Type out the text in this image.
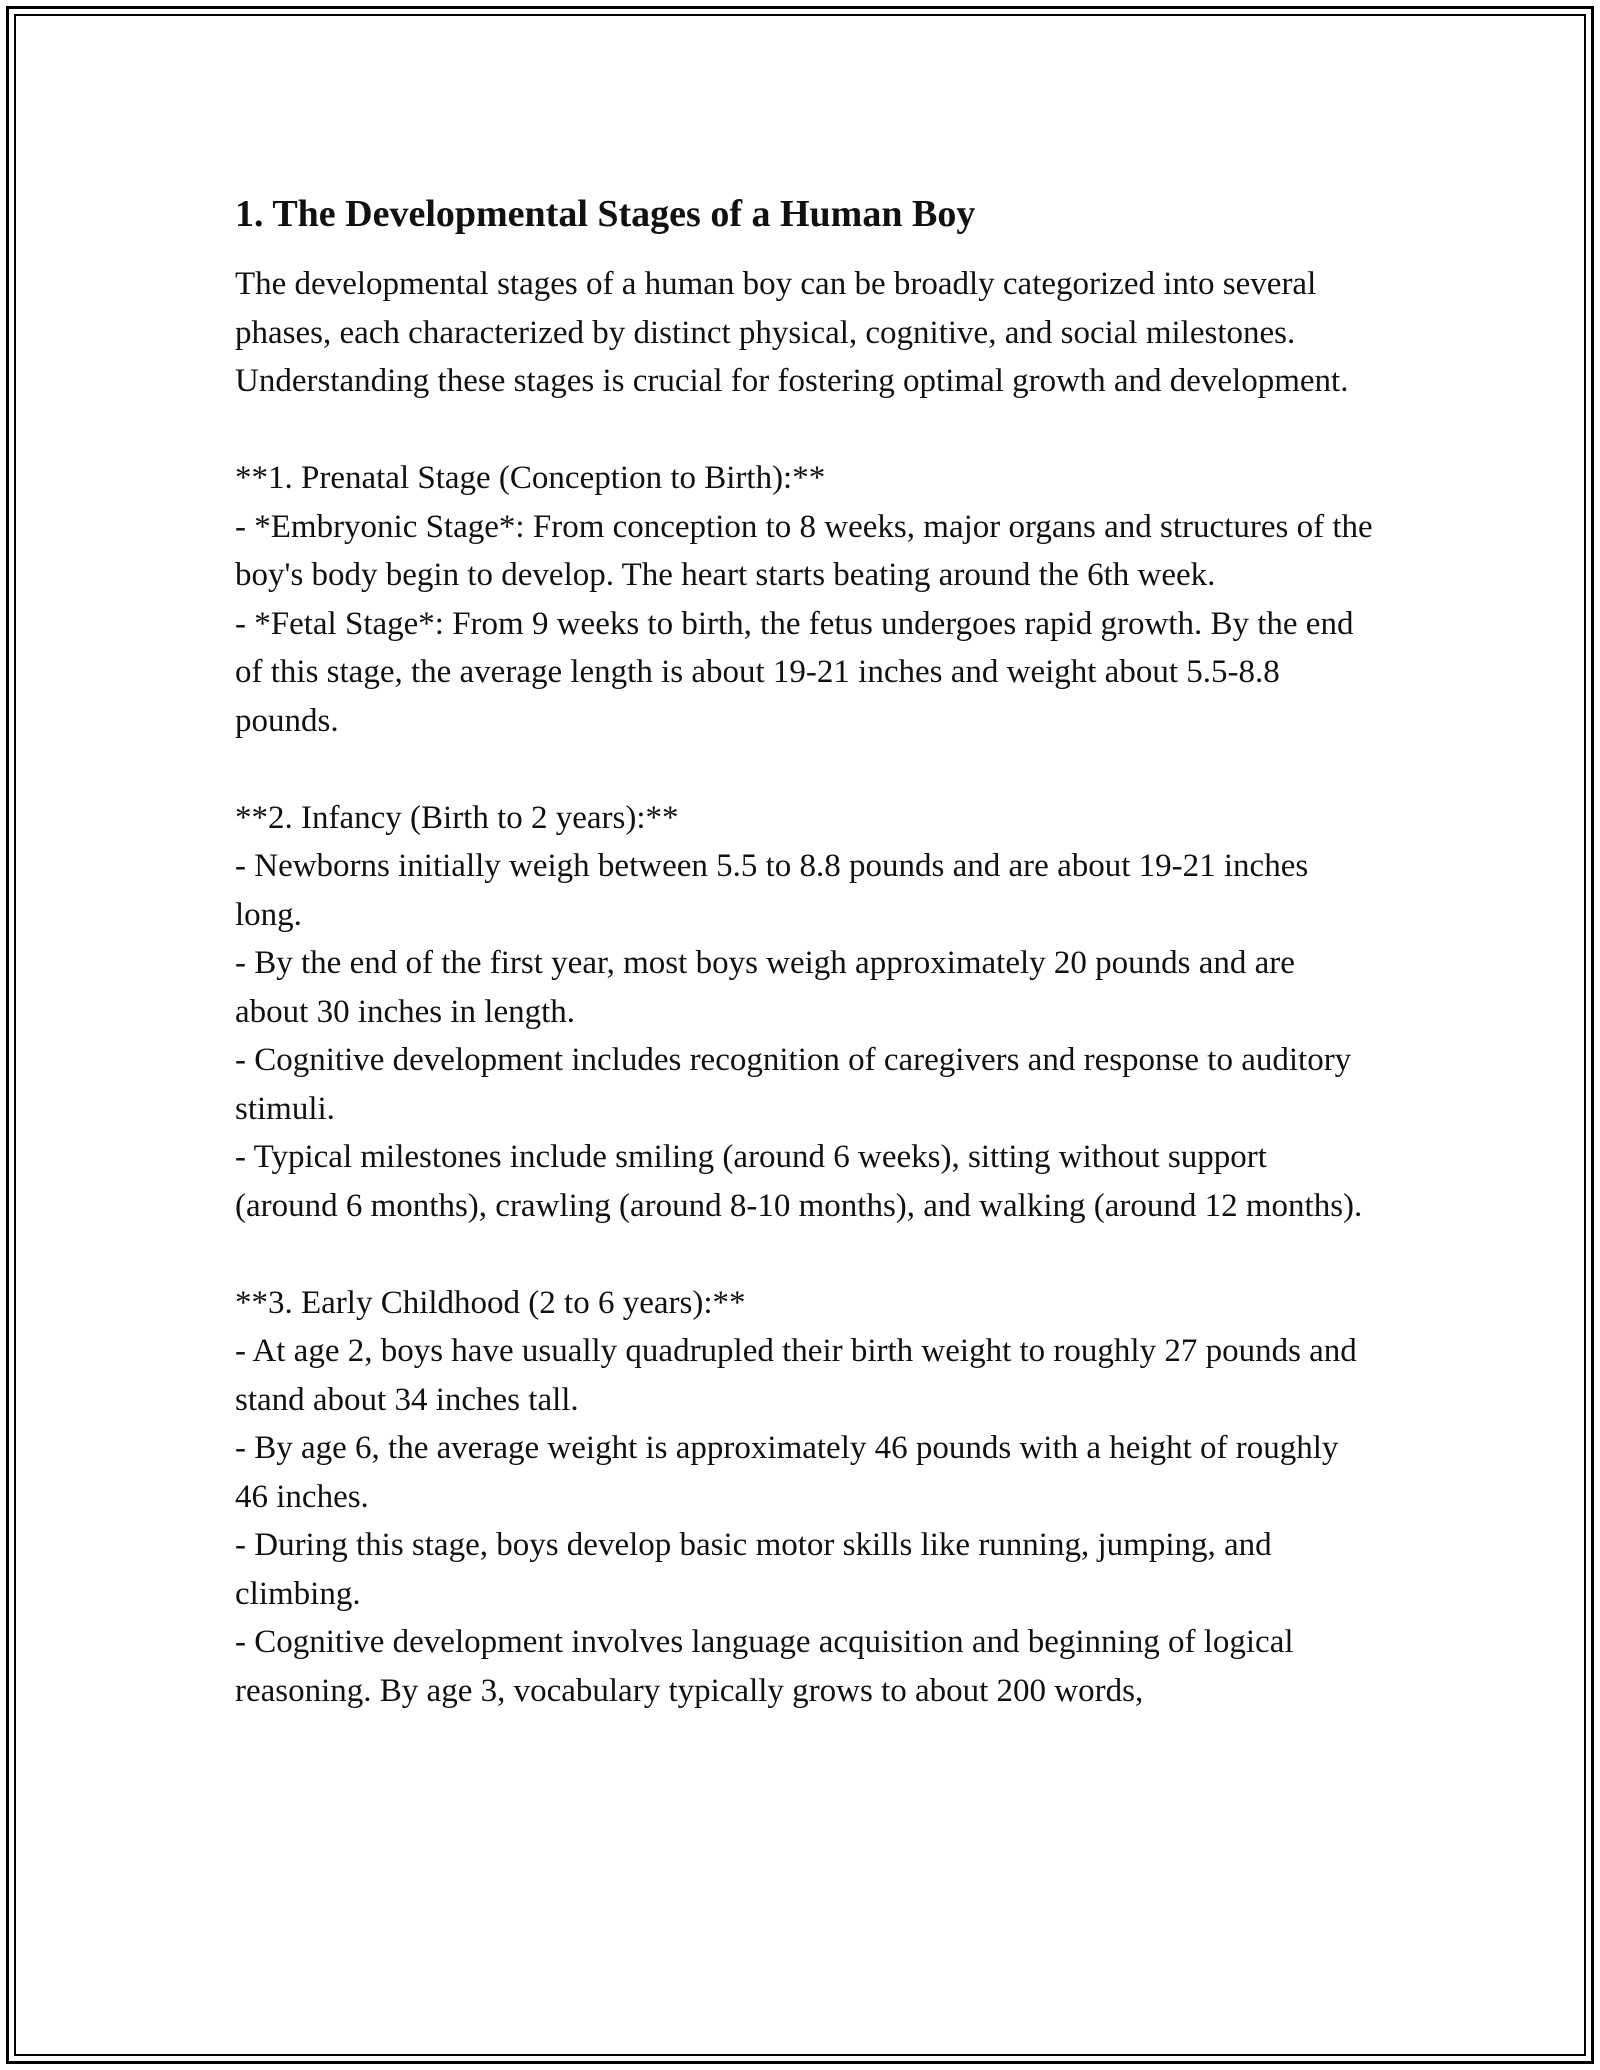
1. The Developmental Stages of a Human Boy

The developmental stages of a human boy can be broadly categorized into several phases, each characterized by distinct physical, cognitive, and social milestones. Understanding these stages is crucial for fostering optimal growth and development.

**1. Prenatal Stage (Conception to Birth):**

- *Embryonic Stage*: From conception to 8 weeks, major organs and structures of the boy's body begin to develop. The heart starts beating around the 6th week.

- *Fetal Stage*: From 9 weeks to birth, the fetus undergoes rapid growth. By the end of this stage, the average length is about 19-21 inches and weight about 5.5-8.8 pounds.

**2. Infancy (Birth to 2 years):**

- Newborns initially weigh between 5.5 to 8.8 pounds and are about 19-21 inches long.

- By the end of the first year, most boys weigh approximately 20 pounds and are about 30 inches in length.

- Cognitive development includes recognition of caregivers and response to auditory stimuli.

- Typical milestones include smiling (around 6 weeks), sitting without support (around 6 months), crawling (around 8-10 months), and walking (around 12 months).

**3. Early Childhood (2 to 6 years):**

- At age 2, boys have usually quadrupled their birth weight to roughly 27 pounds and stand about 34 inches tall.

- By age 6, the average weight is approximately 46 pounds with a height of roughly 46 inches.

- During this stage, boys develop basic motor skills like running, jumping, and climbing.

- Cognitive development involves language acquisition and beginning of logical reasoning. By age 3, vocabulary typically grows to about 200 words,
